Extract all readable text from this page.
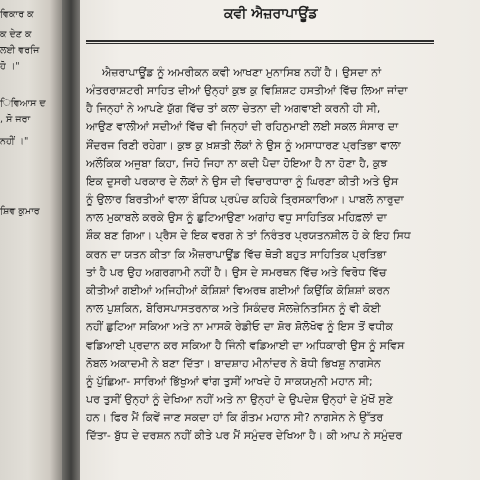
ਵਿਕਾਰ ਕ
ਕ ਦੇਣ ਕ
ਲਈ ਵਰਜਿ
ਹੋ ।"
ਿਵਿਆਸ ਦ
, ਸੋ ਜਰਾ
ਨਹੀਂ ।"
ਸ਼ਿਵ ਕੁਮਾਰ
ਕਵੀ ਐਜ਼ਰਾਪਾਊਂਡ
ਐਜ਼ਰਾਪਾਊਂਡ ਨੂੰ ਅਮਰੀਕਨ ਕਵੀ ਆਖਣਾ ਮੁਨਾਸਿਬ ਨਹੀਂ ਹੈ। ਉਸਦਾ ਨਾਂ
ਅੰਤਰਰਾਸ਼ਟਰੀ ਸਾਹਿਤ ਦੀਆਂ ਉਨ੍ਹਾਂ ਕੁਝ ਕੁ ਵਿਸ਼ਿਸ਼ਟ ਹਸਤੀਆਂ ਵਿੱਚ ਲਿਆ ਜਾਂਦਾ
ਹੈ ਜਿਨ੍ਹਾਂ ਨੇ ਆਪਣੇ ਯੁੱਗ ਵਿੱਚ ਤਾਂ ਕਲਾ ਚੇਤਨਾ ਦੀ ਅਗਵਾਈ ਕਰਨੀ ਹੀ ਸੀ,
ਆਉਣ ਵਾਲੀਆਂ ਸਦੀਆਂ ਵਿੱਚ ਵੀ ਜਿਨ੍ਹਾਂ ਦੀ ਰਹਿਨੁਮਾਈ ਲਈ ਸਕਲ ਸੰਸਾਰ ਦਾ
ਸੌਂਦਰਜ ਰਿਣੀ ਰਹੇਗਾ। ਕੁਝ ਕੁ ਖ਼ਸ਼ਤੀ ਲੋਕਾਂ ਨੇ ਉਸ ਨੂੰ ਅਸਾਧਾਰਣ ਪ੍ਰਤਿਭਾ ਵਾਲਾ
ਅਲੌਕਿਕ ਅਜੂਬਾ ਕਿਹਾ, ਜਿਹੋ ਜਿਹਾ ਨਾ ਕਦੀ ਪੈਦਾ ਹੋਇਆ ਹੈ ਨਾ ਹੋਣਾ ਹੈ, ਕੁਝ
ਇਕ ਦੂਸਰੀ ਪਰਕਾਰ ਦੇ ਲੋਕਾਂ ਨੇ ਉਸ ਦੀ ਵਿਚਾਰਧਾਰਾ ਨੂੰ ਘਿਰਣਾ ਕੀਤੀ ਅਤੇ ਉਸ
ਨੂੰ ਉਲਾਰ ਬਿਰਤੀਆਂ ਵਾਲਾ ਬੌਧਿਕ ਪ੍ਰਪੰਚ ਕਹਿਕੇ ਤ੍ਰਿਸਕਾਰਿਆ। ਪਾਬਲੋ ਨਾਰੂਦਾ
ਨਾਲ ਮੁਕਾਬਲੇ ਕਰਕੇ ਉਸ ਨੂੰ ਛੁਟਿਆਉਣਾ ਅਗਾਂਹ ਵਧੂ ਸਾਹਿਤਿਕ ਮਹਿਫ਼ਲਾਂ ਦਾ
ਸ਼ੌਕ ਬਣ ਗਿਆ। ਪ੍ਰੈਸ ਦੇ ਇਕ ਵਰਗ ਨੇ ਤਾਂ ਨਿਰੰਤਰ ਪ੍ਰਯਤਨਸ਼ੀਲ ਹੋ ਕੇ ਇਹ ਸਿਧ
ਕਰਨ ਦਾ ਯਤਨ ਕੀਤਾ ਕਿ ਐਜ਼ਰਾਪਾਊਂਡ ਵਿੱਚ ਥੋੜੀ ਬਹੁਤ ਸਾਹਿਤਿਕ ਪ੍ਰਤਿਭਾ
ਤਾਂ ਹੈ ਪਰ ਉਹ ਅਗਰਗਾਮੀ ਨਹੀਂ ਹੈ। ਉਸ ਦੇ ਸਮਰਥਨ ਵਿੱਚ ਅਤੇ ਵਿਰੋਧ ਵਿੱਚ
ਕੀਤੀਆਂ ਗਈਆਂ ਅਜਿਹੀਆਂ ਕੋਸ਼ਿਸ਼ਾਂ ਵਿਅਰਥ ਗਈਆਂ ਕਿਉਂਕਿ ਕੋਸ਼ਿਸ਼ਾਂ ਕਰਨ
ਨਾਲ ਪੁਸ਼ਕਿਨ, ਬੋਰਿਸਪਾਸਤਰਨਾਕ ਅਤੇ ਸਿਕੰਦਰ ਸੋਲਜ਼ੇਨਿਤਸਿਨ ਨੂੰ ਵੀ ਕੋਈ
ਨਹੀਂ ਛੁਟਿਆ ਸਕਿਆ ਅਤੇ ਨਾ ਮਾਸਕੋ ਰੇਡੀਓ ਦਾ ਸ਼ੋਰ ਸ਼ੋਲੋਖੋਵ ਨੂੰ ਇਸ ਤੋਂ ਵਧੀਕ
ਵਡਿਆਈ ਪ੍ਰਦਾਨ ਕਰ ਸਕਿਆ ਹੈ ਜਿੰਨੀ ਵਡਿਆਈ ਦਾ ਅਧਿਕਾਰੀ ਉਸ ਨੂੰ ਸਵਿਸ
ਨੋਬਲ ਅਕਾਦਮੀ ਨੇ ਬਣਾ ਦਿੱਤਾ। ਬਾਦਸ਼ਾਹ ਮੀਨਾਂਦਰ ਨੇ ਬੋਧੀ ਭਿਖਸ਼ੂ ਨਾਗਸੇਨ
ਨੂੰ ਪੁੱਛਿਆ- ਸਾਰਿਆਂ ਭਿੱਖੂਆਂ ਵਾਂਗ ਤੁਸੀਂ ਆਖਦੇ ਹੋ ਸਾਕਯਮੁਨੀ ਮਹਾਨ ਸੀ;
ਪਰ ਤੁਸੀਂ ਉਨ੍ਹਾਂ ਨੂੰ ਦੇਖਿਆ ਨਹੀਂ ਅਤੇ ਨਾ ਉਨ੍ਹਾਂ ਦੇ ਉਪਦੇਸ਼ ਉਨ੍ਹਾਂ ਦੇ ਮੁੱਖੋਂ ਸੁਣੇ
ਹਨ। ਫਿਰ ਮੈਂ ਕਿਵੇਂ ਜਾਣ ਸਕਦਾ ਹਾਂ ਕਿ ਗੌਤਮ ਮਹਾਨ ਸੀ? ਨਾਗਸੇਨ ਨੇ ਉੱਤਰ
ਦਿੱਤਾ- ਬੁੱਧ ਦੇ ਦਰਸ਼ਨ ਨਹੀਂ ਕੀਤੇ ਪਰ ਮੈਂ ਸਮੁੰਦਰ ਦੇਖਿਆ ਹੈ। ਕੀ ਆਪ ਨੇ ਸਮੁੰਦਰ
